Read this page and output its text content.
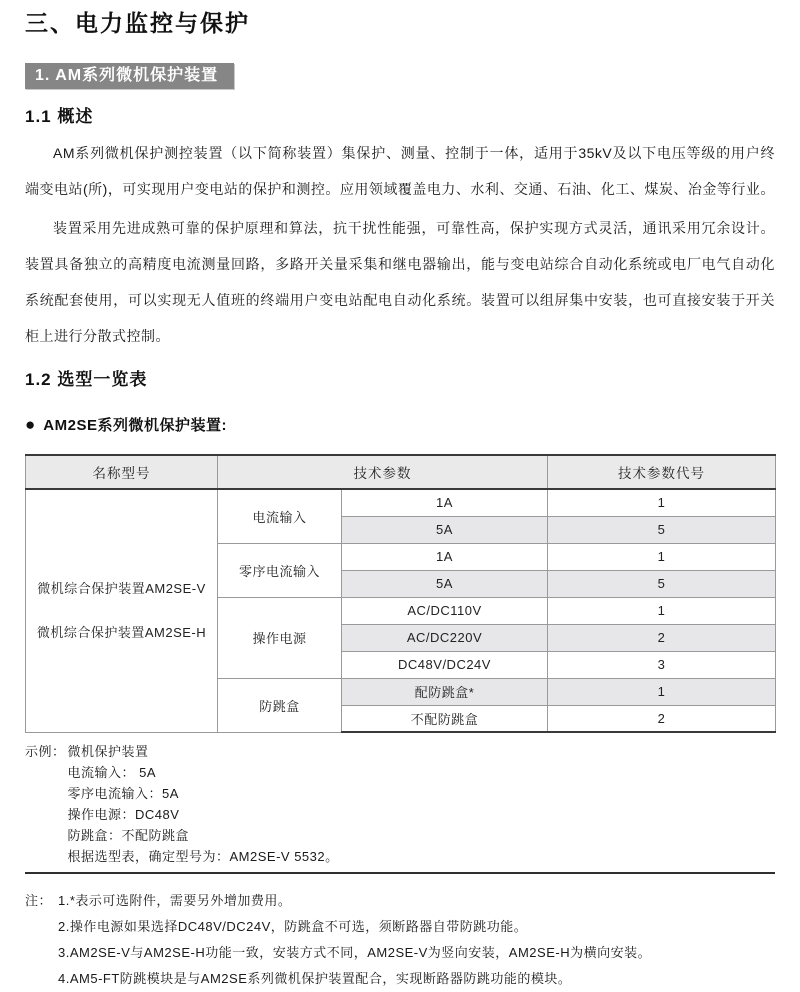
三、电力监控与保护
1. AM系列微机保护装置
1.1 概述

AM系列微机保护测控装置（以下简称装置）集保护、测量、控制于一体，适用于35kV及以下电压等级的用户终端变电站(所)，可实现用户变电站的保护和测控。应用领域覆盖电力、水利、交通、石油、化工、煤炭、冶金等行业。

装置采用先进成熟可靠的保护原理和算法，抗干扰性能强，可靠性高，保护实现方式灵活，通讯采用冗余设计。装置具备独立的高精度电流测量回路，多路开关量采集和继电器输出，能与变电站综合自动化系统或电厂电气自动化系统配套使用，可以实现无人值班的终端用户变电站配电自动化系统。装置可以组屏集中安装，也可直接安装于开关柜上进行分散式控制。

1.2 选型一览表
● AM2SE系列微机保护装置:
名称型号	技术参数		技术参数代号

微机综合保护装置AM2SE-V
微机综合保护装置AM2SE-H	电流输入	1A	1
		5A	5
	零序电流输入	1A	1
		5A	5
	操作电源	AC/DC110V	1
		AC/DC220V	2
		DC48V/DC24V	3
	防跳盒	配防跳盒*	1
		不配防跳盒	2
示例： 微机保护装置
电流输入： 5A
零序电流输入：5A
操作电源：DC48V
防跳盒：不配防跳盒
根据选型表，确定型号为：AM2SE-V 5532。
注： 1.*表示可选附件，需要另外增加费用。
2.操作电源如果选择DC48V/DC24V，防跳盒不可选，须断路器自带防跳功能。
3.AM2SE-V与AM2SE-H功能一致，安装方式不同，AM2SE-V为竖向安装，AM2SE-H为横向安装。
4.AM5-FT防跳模块是与AM2SE系列微机保护装置配合，实现断路器防跳功能的模块。
